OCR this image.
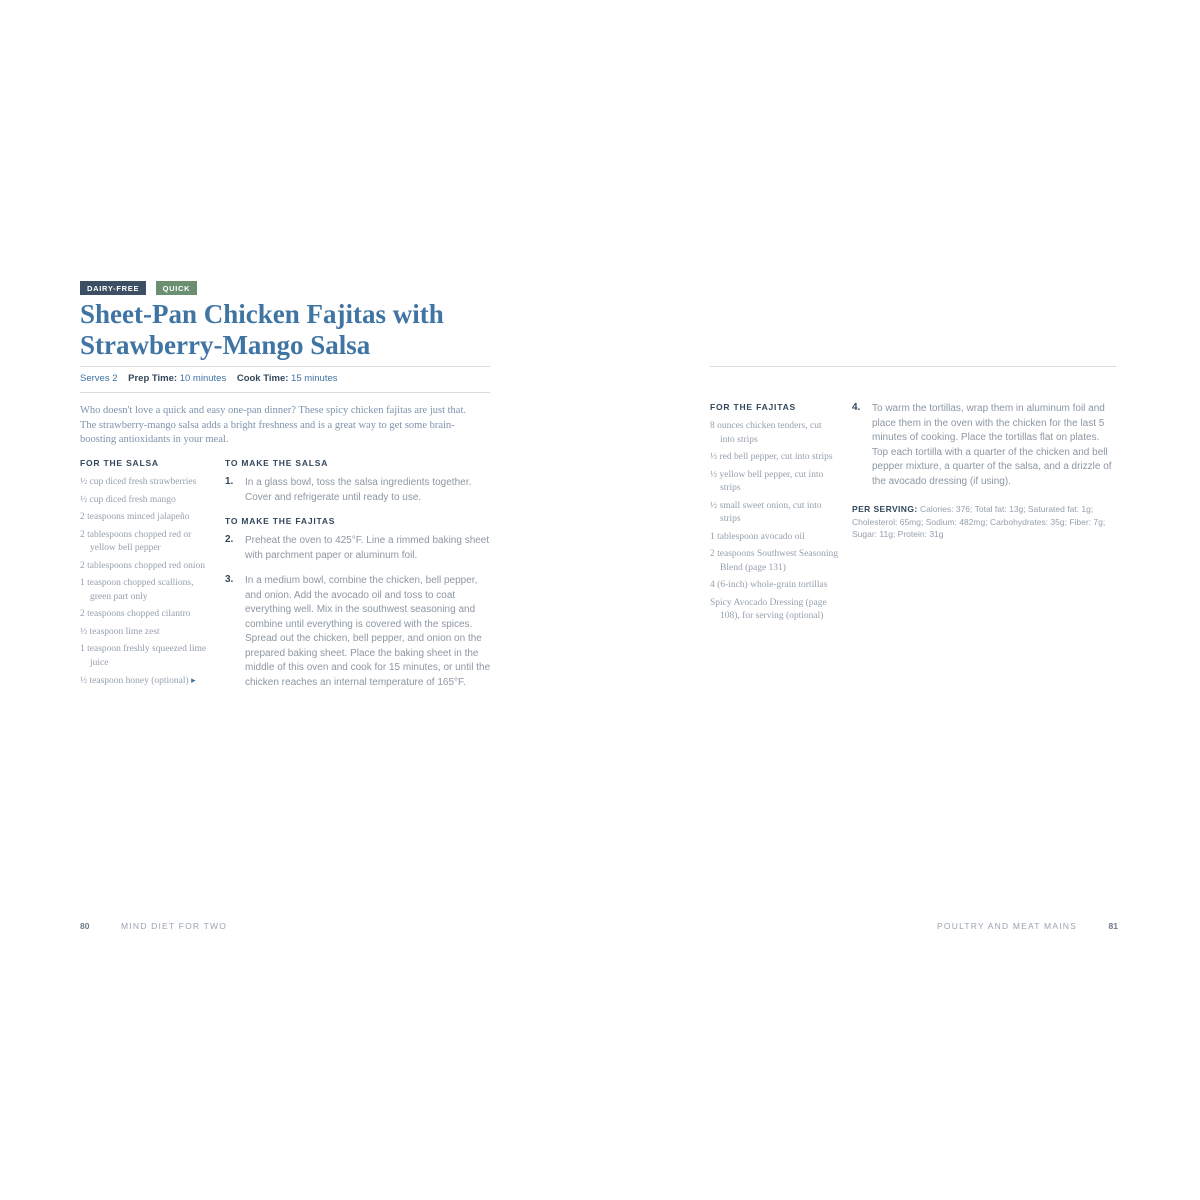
DAIRY-FREE	QUICK
Sheet-Pan Chicken Fajitas with Strawberry-Mango Salsa
Serves 2 Prep Time: 10 minutes Cook Time: 15 minutes

Who doesn't love a quick and easy one-pan dinner? These spicy chicken fajitas are just that. The strawberry-mango salsa adds a bright freshness and is a great way to get some brain-boosting antioxidants in your meal.

FOR THE SALSA
½ cup diced fresh strawberries
½ cup diced fresh mango
2 teaspoons minced jalapeño
2 tablespoons chopped red or yellow bell pepper
2 tablespoons chopped red onion
1 teaspoon chopped scallions, green part only
2 teaspoons chopped cilantro
½ teaspoon lime zest
1 teaspoon freshly squeezed lime juice
½ teaspoon honey (optional) ▸
TO MAKE THE SALSA
1.	In a glass bowl, toss the salsa ingredients together. Cover and refrigerate until ready to use.
TO MAKE THE FAJITAS
2.	Preheat the oven to 425°F. Line a rimmed baking sheet with parchment paper or aluminum foil.
3.	In a medium bowl, combine the chicken, bell pepper, and onion. Add the avocado oil and toss to coat everything well. Mix in the southwest seasoning and combine until everything is covered with the spices. Spread out the chicken, bell pepper, and onion on the prepared baking sheet. Place the baking sheet in the middle of this oven and cook for 15 minutes, or until the chicken reaches an internal temperature of 165°F.
FOR THE FAJITAS
8 ounces chicken tenders, cut into strips
½ red bell pepper, cut into strips
½ yellow bell pepper, cut into strips
½ small sweet onion, cut into strips
1 tablespoon avocado oil
2 teaspoons Southwest Seasoning Blend (page 131)
4 (6-inch) whole-grain tortillas
Spicy Avocado Dressing (page 108), for serving (optional)
4.	To warm the tortillas, wrap them in aluminum foil and place them in the oven with the chicken for the last 5 minutes of cooking. Place the tortillas flat on plates. Top each tortilla with a quarter of the chicken and bell pepper mixture, a quarter of the salsa, and a drizzle of the avocado dressing (if using).
PER SERVING: Calories: 376; Total fat: 13g; Saturated fat: 1g; Cholesterol: 65mg; Sodium: 482mg; Carbohydrates: 35g; Fiber: 7g; Sugar: 11g; Protein: 31g
80	MIND DIET FOR TWO	POULTRY AND MEAT MAINS	81
